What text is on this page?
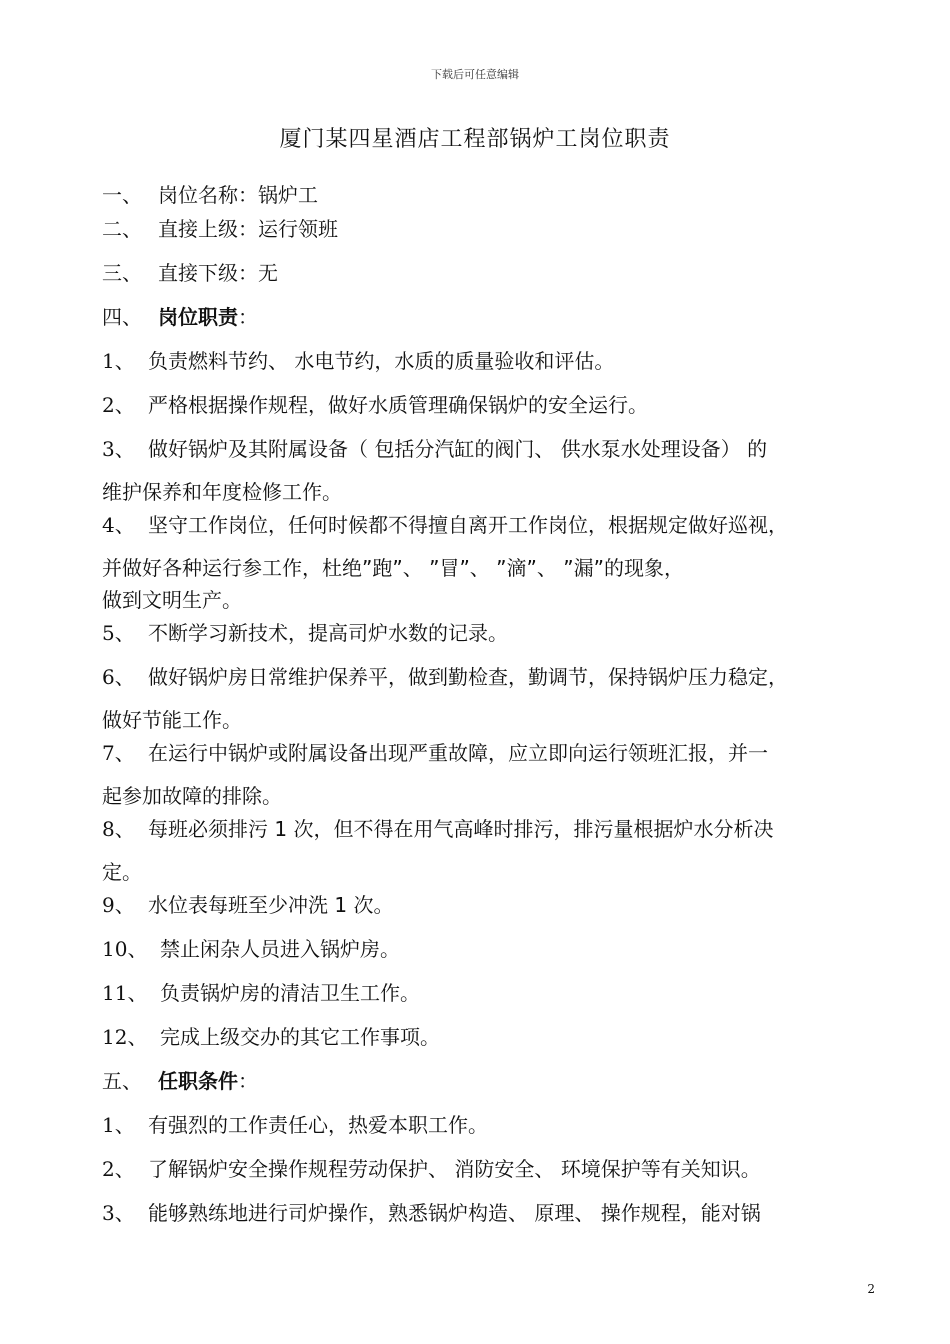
下载后可任意编辑
厦门某四星酒店工程部锅炉工岗位职责
一、 岗位名称：锅炉工
二、 直接上级：运行领班
三、 直接下级：无
四、 岗位职责：
1、 负责燃料节约、 水电节约，水质的质量验收和评估。
2、 严格根据操作规程，做好水质管理确保锅炉的安全运行。
3、 做好锅炉及其附属设备（ 包括分汽缸的阀门、 供水泵水处理设备） 的
维护保养和年度检修工作。
4、 坚守工作岗位，任何时候都不得擅自离开工作岗位，根据规定做好巡视，
并做好各种运行参工作，杜绝”跑”、 ”冒”、 ”滴”、 ”漏”的现象，
做到文明生产。
5、 不断学习新技术，提高司炉水数的记录。
6、 做好锅炉房日常维护保养平，做到勤检查，勤调节，保持锅炉压力稳定，
做好节能工作。
7、 在运行中锅炉或附属设备出现严重故障，应立即向运行领班汇报，并一
起参加故障的排除。
8、 每班必须排污 1 次，但不得在用气高峰时排污，排污量根据炉水分析决
定。
9、 水位表每班至少冲洗 1 次。
10、 禁止闲杂人员进入锅炉房。
11、 负责锅炉房的清洁卫生工作。
12、 完成上级交办的其它工作事项。
五、 任职条件：
1、 有强烈的工作责任心，热爱本职工作。
2、 了解锅炉安全操作规程劳动保护、 消防安全、 环境保护等有关知识。
3、 能够熟练地进行司炉操作，熟悉锅炉构造、 原理、 操作规程，能对锅
2
